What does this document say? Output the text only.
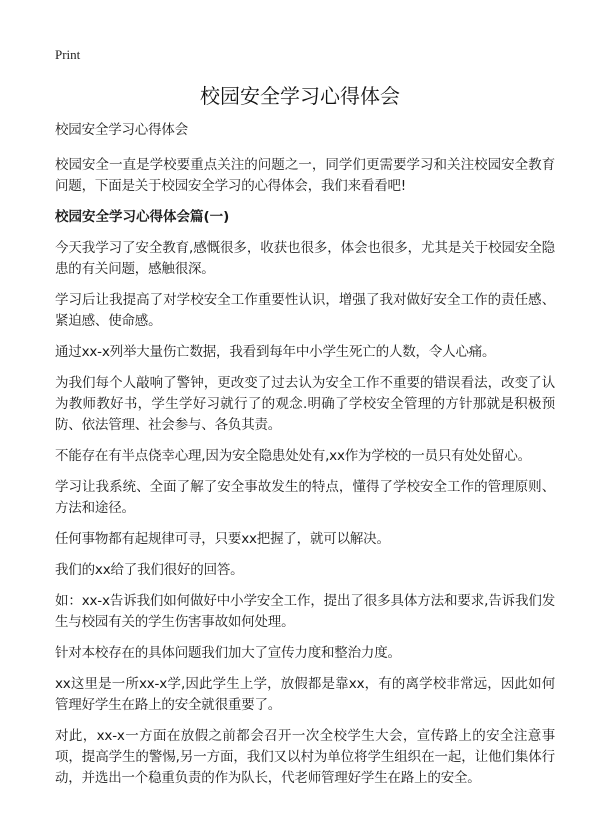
Print
校园安全学习心得体会

校园安全学习心得体会

校园安全一直是学校要重点关注的问题之一，同学们更需要学习和关注校园安全教育问题，下面是关于校园安全学习的心得体会，我们来看看吧!

校园安全学习心得体会篇(一)

今天我学习了安全教育,感慨很多，收获也很多，体会也很多，尤其是关于校园安全隐患的有关问题，感触很深。

学习后让我提高了对学校安全工作重要性认识，增强了我对做好安全工作的责任感、紧迫感、使命感。

通过xx-x列举大量伤亡数据，我看到每年中小学生死亡的人数，令人心痛。

为我们每个人敲响了警钟，更改变了过去认为安全工作不重要的错误看法，改变了认为教师教好书，学生学好习就行了的观念.明确了学校安全管理的方针那就是积极预防、依法管理、社会参与、各负其责。

不能存在有半点侥幸心理,因为安全隐患处处有,xx作为学校的一员只有处处留心。

学习让我系统、全面了解了安全事故发生的特点，懂得了学校安全工作的管理原则、方法和途径。

任何事物都有起规律可寻，只要xx把握了，就可以解决。

我们的xx给了我们很好的回答。

如：xx-x告诉我们如何做好中小学安全工作，提出了很多具体方法和要求,告诉我们发生与校园有关的学生伤害事故如何处理。

针对本校存在的具体问题我们加大了宣传力度和整治力度。

xx这里是一所xx-x学,因此学生上学，放假都是靠xx，有的离学校非常远，因此如何管理好学生在路上的安全就很重要了。

对此，xx-x一方面在放假之前都会召开一次全校学生大会，宣传路上的安全注意事项，提高学生的警惕,另一方面，我们又以村为单位将学生组织在一起，让他们集体行动，并选出一个稳重负责的作为队长，代老师管理好学生在路上的安全。
